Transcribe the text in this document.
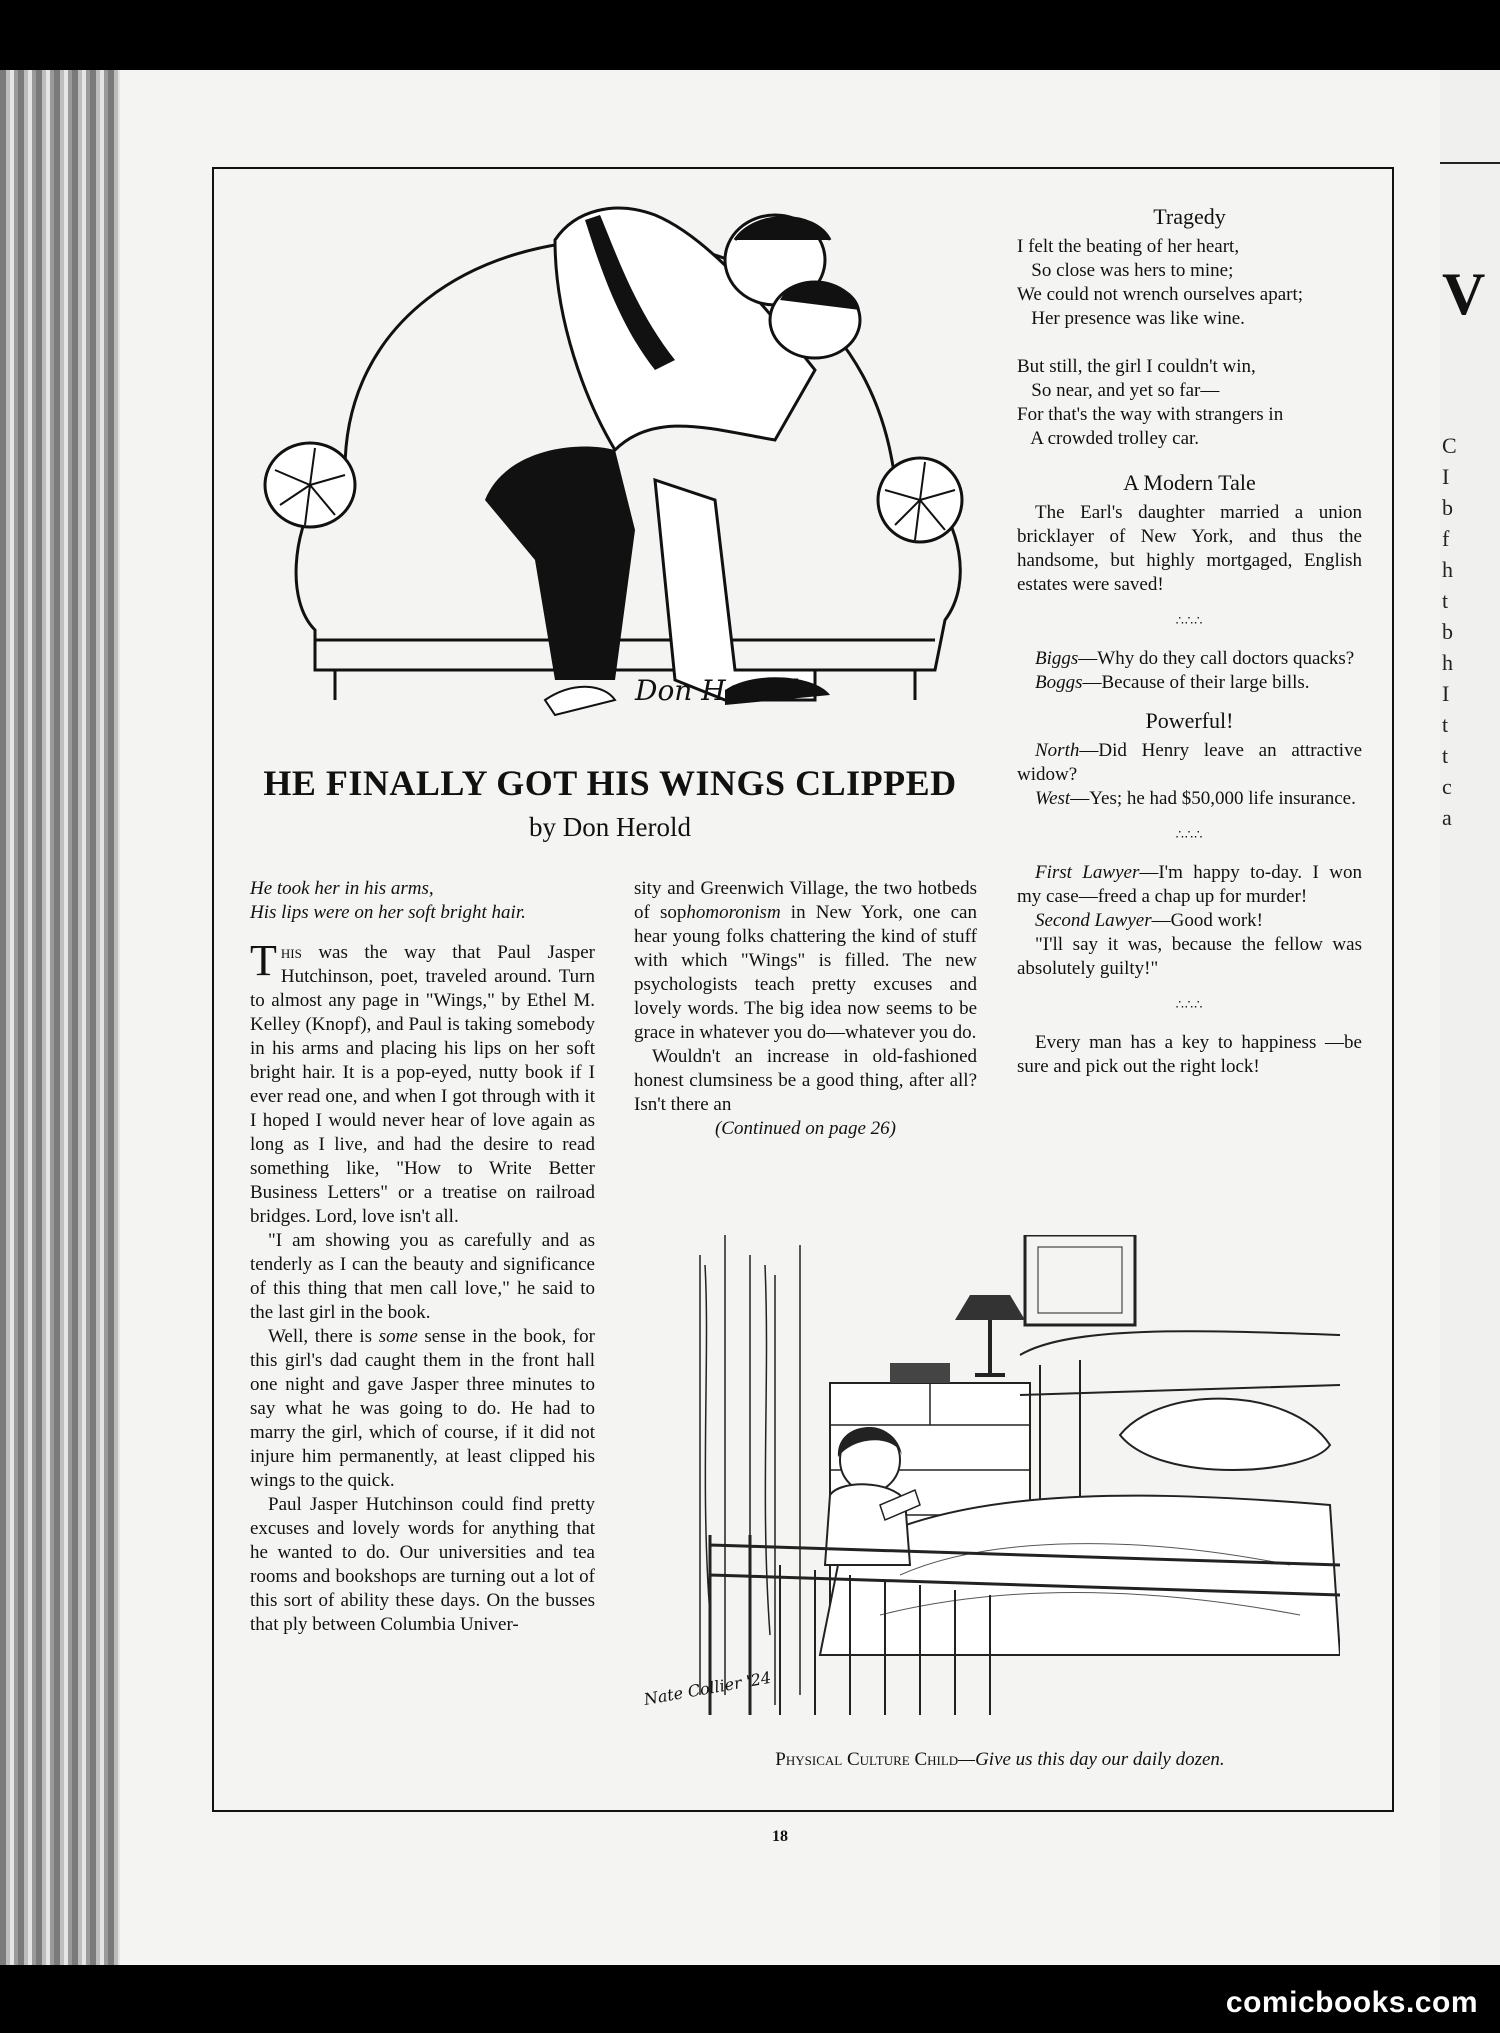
V
C
I
b
f
h
t
b
h
I
t
t
c
a
Don Herold
Tragedy
I felt the beating of her heart,
So close was hers to mine;
We could not wrench ourselves apart;
Her presence was like wine.
But still, the girl I couldn't win,
So near, and yet so far—
For that's the way with strangers in
A crowded trolley car.
A Modern Tale

The Earl's daughter married a union bricklayer of New York, and thus the handsome, but highly mortgaged, English estates were saved!

∴∴∴

Biggs—Why do they call doctors quacks?

Boggs—Because of their large bills.

Powerful!

North—Did Henry leave an attractive widow?

West—Yes; he had $50,000 life insurance.

∴∴∴

First Lawyer—I'm happy to-day. I won my case—freed a chap up for murder!

Second Lawyer—Good work!

"I'll say it was, because the fellow was absolutely guilty!"

∴∴∴

Every man has a key to happiness —be sure and pick out the right lock!

HE FINALLY GOT HIS WINGS CLIPPED
by Don Herold
He took her in his arms,
His lips were on her soft bright hair.

This was the way that Paul Jasper Hutchinson, poet, traveled around. Turn to almost any page in "Wings," by Ethel M. Kelley (Knopf), and Paul is taking somebody in his arms and placing his lips on her soft bright hair. It is a pop-eyed, nutty book if I ever read one, and when I got through with it I hoped I would never hear of love again as long as I live, and had the desire to read something like, "How to Write Better Business Letters" or a treatise on railroad bridges. Lord, love isn't all.

"I am showing you as carefully and as tenderly as I can the beauty and significance of this thing that men call love," he said to the last girl in the book.

Well, there is some sense in the book, for this girl's dad caught them in the front hall one night and gave Jasper three minutes to say what he was going to do. He had to marry the girl, which of course, if it did not injure him permanently, at least clipped his wings to the quick.

Paul Jasper Hutchinson could find pretty excuses and lovely words for anything that he wanted to do. Our universities and tea rooms and bookshops are turning out a lot of this sort of ability these days. On the busses that ply between Columbia Univer-

sity and Greenwich Village, the two hotbeds of sophomoronism in New York, one can hear young folks chattering the kind of stuff with which "Wings" is filled. The new psychologists teach pretty excuses and lovely words. The big idea now seems to be grace in whatever you do—whatever you do.

Wouldn't an increase in old-fashioned honest clumsiness be a good thing, after all? Isn't there an

(Continued on page 26)
Nate Collier '24
Physical Culture Child—Give us this day our daily dozen.
18
comicbooks.com
